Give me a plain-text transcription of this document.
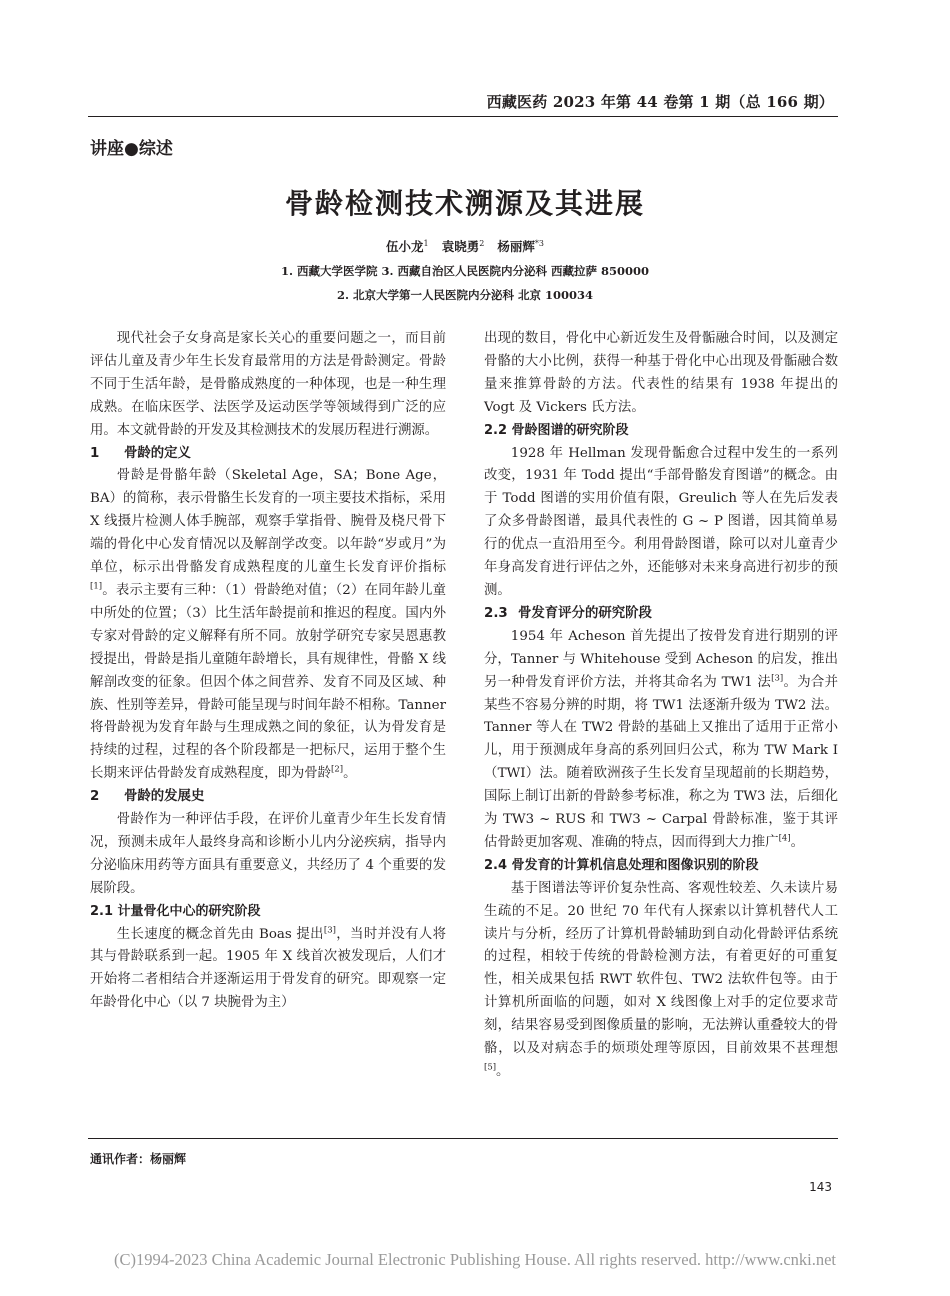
西藏医药 2023 年第 44 卷第 1 期（总 166 期）
讲座●综述
骨龄检测技术溯源及其进展
伍小龙$^1$ 袁晓勇$^2$ 杨丽辉$^{*3}$
1. 西藏大学医学院 3. 西藏自治区人民医院内分泌科 西藏拉萨 850000
2. 北京大学第一人民医院内分泌科 北京 100034

现代社会子女身高是家长关心的重要问题之一，而目前评估儿童及青少年生长发育最常用的方法是骨龄测定。骨龄不同于生活年龄，是骨骼成熟度的一种体现，也是一种生理成熟。在临床医学、法医学及运动医学等领域得到广泛的应用。本文就骨龄的开发及其检测技术的发展历程进行溯源。

1 骨龄的定义

骨龄是骨骼年龄（Skeletal Age，SA；Bone Age，BA）的简称，表示骨骼生长发育的一项主要技术指标，采用 X 线摄片检测人体手腕部，观察手掌指骨、腕骨及桡尺骨下端的骨化中心发育情况以及解剖学改变。以年龄“岁或月”为单位，标示出骨骼发育成熟程度的儿童生长发育评价指标[1]。表示主要有三种：（1）骨龄绝对值；（2）在同年龄儿童中所处的位置；（3）比生活年龄提前和推迟的程度。国内外专家对骨龄的定义解释有所不同。放射学研究专家吴恩惠教授提出，骨龄是指儿童随年龄增长，具有规律性，骨骼 X 线解剖改变的征象。但因个体之间营养、发育不同及区域、种族、性别等差异，骨龄可能呈现与时间年龄不相称。Tanner 将骨龄视为发育年龄与生理成熟之间的象征，认为骨发育是持续的过程，过程的各个阶段都是一把标尺，运用于整个生长期来评估骨龄发育成熟程度，即为骨龄[2]。

2 骨龄的发展史

骨龄作为一种评估手段，在评价儿童青少年生长发育情况，预测未成年人最终身高和诊断小儿内分泌疾病，指导内分泌临床用药等方面具有重要意义，共经历了 4 个重要的发展阶段。

2.1 计量骨化中心的研究阶段

生长速度的概念首先由 Boas 提出[3]，当时并没有人将其与骨龄联系到一起。1905 年 X 线首次被发现后，人们才开始将二者相结合并逐渐运用于骨发育的研究。即观察一定年龄骨化中心（以 7 块腕骨为主）

出现的数目，骨化中心新近发生及骨骺融合时间，以及测定骨骼的大小比例，获得一种基于骨化中心出现及骨骺融合数量来推算骨龄的方法。代表性的结果有 1938 年提出的 Vogt 及 Vickers 氏方法。

2.2 骨龄图谱的研究阶段

1928 年 Hellman 发现骨骺愈合过程中发生的一系列改变，1931 年 Todd 提出“手部骨骼发育图谱”的概念。由于 Todd 图谱的实用价值有限，Greulich 等人在先后发表了众多骨龄图谱，最具代表性的 G ~ P 图谱，因其简单易行的优点一直沿用至今。利用骨龄图谱，除可以对儿童青少年身高发育进行评估之外，还能够对未来身高进行初步的预测。

2.3 骨发育评分的研究阶段

1954 年 Acheson 首先提出了按骨发育进行期别的评分，Tanner 与 Whitehouse 受到 Acheson 的启发，推出另一种骨发育评价方法，并将其命名为 TW1 法[3]。为合并某些不容易分辨的时期，将 TW1 法逐渐升级为 TW2 法。Tanner 等人在 TW2 骨龄的基础上又推出了适用于正常小儿，用于预测成年身高的系列回归公式，称为 TW Mark I（TWI）法。随着欧洲孩子生长发育呈现超前的长期趋势，国际上制订出新的骨龄参考标准，称之为 TW3 法，后细化为 TW3 ~ RUS 和 TW3 ~ Carpal 骨龄标准，鉴于其评估骨龄更加客观、准确的特点，因而得到大力推广[4]。

2.4 骨发育的计算机信息处理和图像识别的阶段

基于图谱法等评价复杂性高、客观性较差、久未读片易生疏的不足。20 世纪 70 年代有人探索以计算机替代人工读片与分析，经历了计算机骨龄辅助到自动化骨龄评估系统的过程，相较于传统的骨龄检测方法，有着更好的可重复性，相关成果包括 RWT 软件包、TW2 法软件包等。由于计算机所面临的问题，如对 X 线图像上对手的定位要求苛刻，结果容易受到图像质量的影响，无法辨认重叠较大的骨骼，以及对病态手的烦琐处理等原因，目前效果不甚理想[5]。

通讯作者：杨丽辉
143
(C)1994-2023 China Academic Journal Electronic Publishing House. All rights reserved. http://www.cnki.net
